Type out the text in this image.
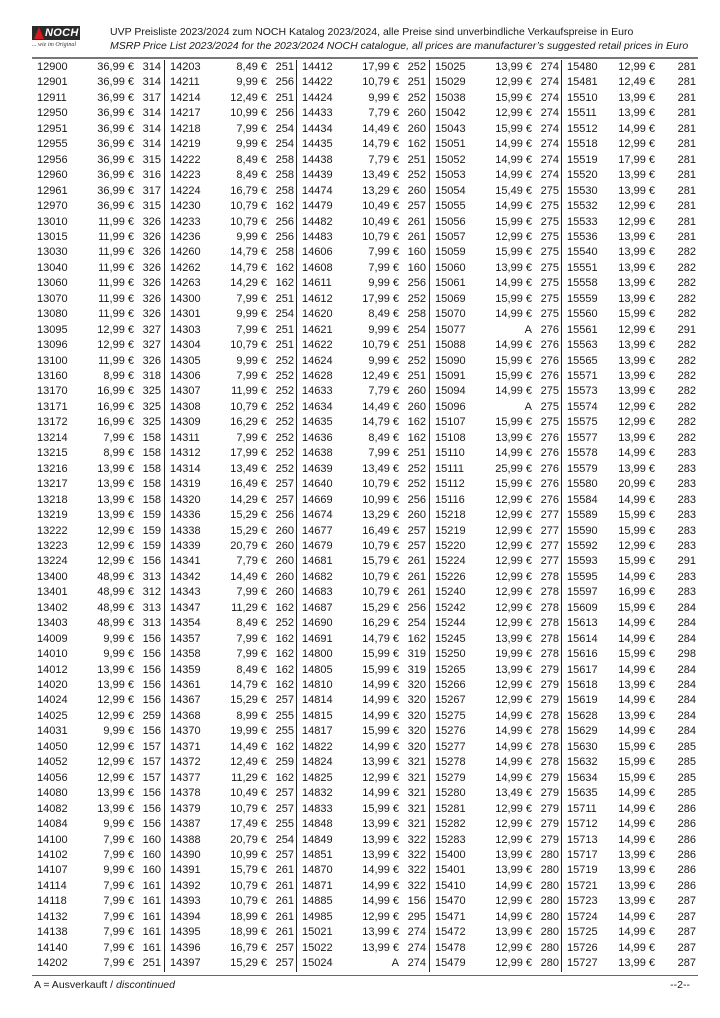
NOCH
... wie im Original
UVP Preisliste 2023/2024 zum NOCH Katalog 2023/2024, alle Preise sind unverbindliche Verkaufspreise in Euro
MSRP Price List 2023/2024 for the 2023/2024 NOCH catalogue, all prices are manufacturer’s suggested retail prices in Euro
12900	36,99 € 314
12901	36,99 € 314
12911	36,99 € 317
12950	36,99 € 314
12951	36,99 € 314
12955	36,99 € 314
12956	36,99 € 315
12960	36,99 € 316
12961	36,99 € 317
12970	36,99 € 315
13010	11,99 € 326
13015	11,99 € 326
13030	11,99 € 326
13040	11,99 € 326
13060	11,99 € 326
13070	11,99 € 326
13080	11,99 € 326
13095	12,99 € 327
13096	12,99 € 327
13100	11,99 € 326
13160	8,99 € 318
13170	16,99 € 325
13171	16,99 € 325
13172	16,99 € 325
13214	7,99 € 158
13215	8,99 € 158
13216	13,99 € 158
13217	13,99 € 158
13218	13,99 € 158
13219	13,99 € 159
13222	12,99 € 159
13223	12,99 € 159
13224	12,99 € 156
13400	48,99 € 313
13401	48,99 € 312
13402	48,99 € 313
13403	48,99 € 313
14009	9,99 € 156
14010	9,99 € 156
14012	13,99 € 156
14020	13,99 € 156
14024	12,99 € 156
14025	12,99 € 259
14031	9,99 € 156
14050	12,99 € 157
14052	12,99 € 157
14056	12,99 € 157
14080	13,99 € 156
14082	13,99 € 156
14084	9,99 € 156
14100	7,99 € 160
14102	7,99 € 160
14107	9,99 € 160
14114	7,99 € 161
14118	7,99 € 161
14132	7,99 € 161
14138	7,99 € 161
14140	7,99 € 161
14202	7,99 € 251
14203	8,49 € 251
14211	9,99 € 256
14214	12,49 € 251
14217	10,99 € 256
14218	7,99 € 254
14219	9,99 € 254
14222	8,49 € 258
14223	8,49 € 258
14224	16,79 € 258
14230	10,79 € 162
14233	10,79 € 256
14236	9,99 € 256
14260	14,79 € 258
14262	14,79 € 162
14263	14,29 € 162
14300	7,99 € 251
14301	9,99 € 254
14303	7,99 € 251
14304	10,79 € 251
14305	9,99 € 252
14306	7,99 € 252
14307	11,99 € 252
14308	10,79 € 252
14309	16,29 € 252
14311	7,99 € 252
14312	17,99 € 252
14314	13,49 € 252
14319	16,49 € 257
14320	14,29 € 257
14336	15,29 € 256
14338	15,29 € 260
14339	20,79 € 260
14341	7,79 € 260
14342	14,49 € 260
14343	7,99 € 260
14347	11,29 € 162
14354	8,49 € 252
14357	7,99 € 162
14358	7,99 € 162
14359	8,49 € 162
14361	14,79 € 162
14367	15,29 € 257
14368	8,99 € 255
14370	19,99 € 255
14371	14,49 € 162
14372	12,49 € 259
14377	11,29 € 162
14378	10,49 € 257
14379	10,79 € 257
14387	17,49 € 255
14388	20,79 € 254
14390	10,99 € 257
14391	15,79 € 261
14392	10,79 € 261
14393	10,79 € 261
14394	18,99 € 261
14395	18,99 € 261
14396	16,79 € 257
14397	15,29 € 257
14412	17,99 € 252
14422	10,79 € 251
14424	9,99 € 252
14433	7,79 € 260
14434	14,49 € 260
14435	14,79 € 162
14438	7,79 € 251
14439	13,49 € 252
14474	13,29 € 260
14479	10,49 € 257
14482	10,49 € 261
14483	10,79 € 261
14606	7,99 € 160
14608	7,99 € 160
14611	9,99 € 256
14612	17,99 € 252
14620	8,49 € 258
14621	9,99 € 254
14622	10,79 € 251
14624	9,99 € 252
14628	12,49 € 251
14633	7,79 € 260
14634	14,49 € 260
14635	14,79 € 162
14636	8,49 € 162
14638	7,99 € 251
14639	13,49 € 252
14640	10,79 € 252
14669	10,99 € 256
14674	13,29 € 260
14677	16,49 € 257
14679	10,79 € 257
14681	15,79 € 261
14682	10,79 € 261
14683	10,79 € 261
14687	15,29 € 256
14690	16,29 € 254
14691	14,79 € 162
14800	15,99 € 319
14805	15,99 € 319
14810	14,99 € 320
14814	14,99 € 320
14815	14,99 € 320
14817	15,99 € 320
14822	14,99 € 320
14824	13,99 € 321
14825	12,99 € 321
14832	14,99 € 321
14833	15,99 € 321
14848	13,99 € 321
14849	13,99 € 322
14851	13,99 € 322
14870	14,99 € 322
14871	14,99 € 322
14885	14,99 € 156
14985	12,99 € 295
15021	13,99 € 274
15022	13,99 € 274
15024	A 274
15025	13,99 € 274
15029	12,99 € 274
15038	15,99 € 274
15042	12,99 € 274
15043	15,99 € 274
15051	14,99 € 274
15052	14,99 € 274
15053	14,99 € 274
15054	15,49 € 275
15055	14,99 € 275
15056	15,99 € 275
15057	12,99 € 275
15059	15,99 € 275
15060	13,99 € 275
15061	14,99 € 275
15069	15,99 € 275
15070	14,99 € 275
15077	A 276
15088	14,99 € 276
15090	15,99 € 276
15091	15,99 € 276
15094	14,99 € 275
15096	A 275
15107	15,99 € 275
15108	13,99 € 276
15110	14,99 € 276
15111	25,99 € 276
15112	15,99 € 276
15116	12,99 € 276
15218	12,99 € 277
15219	12,99 € 277
15220	12,99 € 277
15224	12,99 € 277
15226	12,99 € 278
15240	12,99 € 278
15242	12,99 € 278
15244	12,99 € 278
15245	13,99 € 278
15250	19,99 € 278
15265	13,99 € 279
15266	12,99 € 279
15267	12,99 € 279
15275	14,99 € 278
15276	14,99 € 278
15277	14,99 € 278
15278	14,99 € 278
15279	14,99 € 279
15280	13,49 € 279
15281	12,99 € 279
15282	12,99 € 279
15283	12,99 € 279
15400	13,99 € 280
15401	13,99 € 280
15410	14,99 € 280
15470	12,99 € 280
15471	14,99 € 280
15472	13,99 € 280
15478	12,99 € 280
15479	12,99 € 280
15480 12,99 € 281
15481 12,49 € 281
15510 13,99 € 281
15511 13,99 € 281
15512 14,99 € 281
15518 12,99 € 281
15519 17,99 € 281
15520 13,99 € 281
15530 13,99 € 281
15532 12,99 € 281
15533 12,99 € 281
15536 13,99 € 281
15540 13,99 € 282
15551 13,99 € 282
15558 13,99 € 282
15559 13,99 € 282
15560 15,99 € 282
15561 12,99 € 291
15563 13,99 € 282
15565 13,99 € 282
15571 13,99 € 282
15573 13,99 € 282
15574 12,99 € 282
15575 12,99 € 282
15577 13,99 € 282
15578 14,99 € 283
15579 13,99 € 283
15580 20,99 € 283
15584 14,99 € 283
15589 15,99 € 283
15590 15,99 € 283
15592 12,99 € 283
15593 15,99 € 291
15595 14,99 € 283
15597 16,99 € 283
15609 15,99 € 284
15613 14,99 € 284
15614 14,99 € 284
15616 15,99 € 298
15617 14,99 € 284
15618 13,99 € 284
15619 14,99 € 284
15628 13,99 € 284
15629 14,99 € 284
15630 15,99 € 285
15632 15,99 € 285
15634 15,99 € 285
15635 14,99 € 285
15711 14,99 € 286
15712 14,99 € 286
15713 14,99 € 286
15717 13,99 € 286
15719 13,99 € 286
15721 13,99 € 286
15723 13,99 € 287
15724 14,99 € 287
15725 14,99 € 287
15726 14,99 € 287
15727 13,99 € 287
A = Ausverkauft / discontinued	--2--
